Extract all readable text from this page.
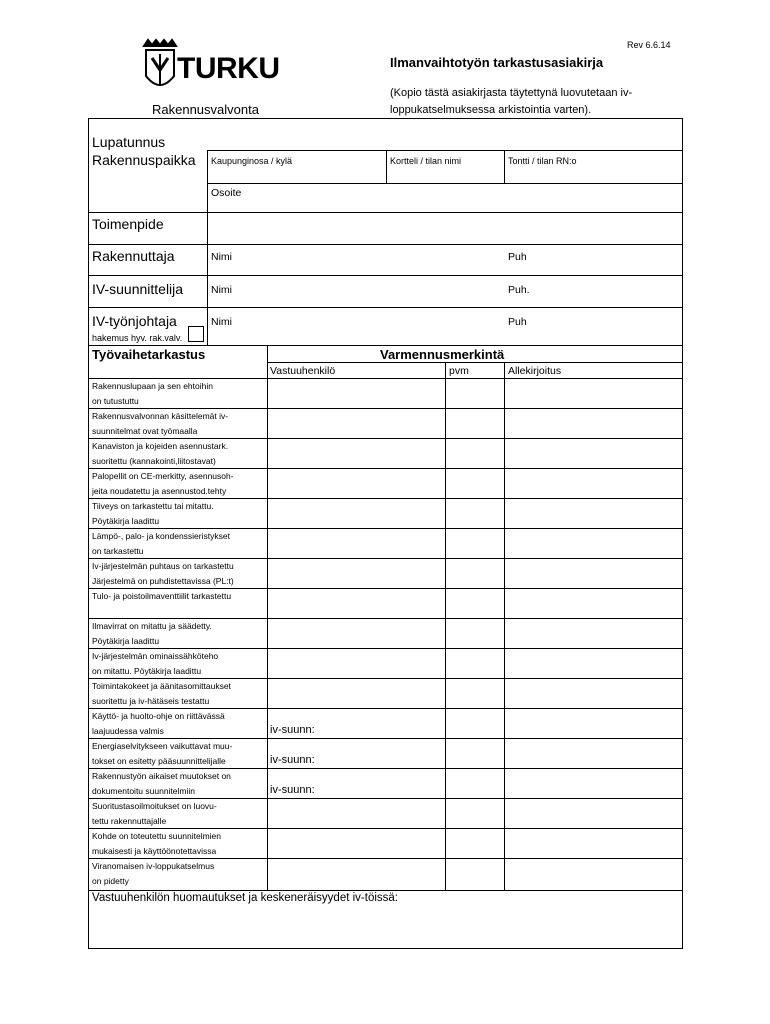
Rev 6.6.14
TURKU
Rakennusvalvonta
Ilmanvaihtotyön tarkastusasiakirja
(Kopio tästä asiakirjasta täytettynä luovutetaan iv-
loppukatselmuksessa arkistointia varten).
Lupatunnus
Rakennuspaikka Kaupunginosa / kylä	Kortteli / tilan nimi	Tontti / tilan RN:o
Osoite
Toimenpide
Rakennuttaja	Nimi	Puh
IV-suunnittelija	Nimi	Puh.
IV-työnjohtaja
hakemus hyv. rak.valv.
Nimi	Puh
Työvaihetarkastus	Varmennusmerkintä
Vastuuhenkilö	pvm	Allekirjoitus
Rakennuslupaan ja sen ehtoihin
on tutustuttu
Rakennusvalvonnan käsittelemät iv-
suunnitelmat ovat työmaalla
Kanaviston ja kojeiden asennustark.
suoritettu (kannakointi,liitostavat)
Palopellit on CE-merkitty, asennusoh-
jeita noudatettu ja asennustod.tehty
Tiiveys on tarkastettu tai mitattu.
Pöytäkirja laadittu
Lämpö-, palo- ja kondenssieristykset
on tarkastettu
Iv-järjestelmän puhtaus on tarkastettu
Järjestelmä on puhdistettavissa (PL:t)
Tulo- ja poistoilmaventtiilit tarkastettu
Ilmavirrat on mitattu ja säädetty.
Pöytäkirja laadittu
Iv-järjestelmän ominaissähköteho
on mitattu. Pöytäkirja laadittu
Toimintakokeet ja äänitasomittaukset
suoritettu ja iv-hätäseis testattu
Käyttö- ja huolto-ohje on riittävässä
laajuudessa valmis	iv-suunn:
Energiaselvitykseen vaikuttavat muu-
tokset on esitetty pääsuunnittelijalle	iv-suunn:
Rakennustyön aikaiset muutokset on
dokumentoitu suunnitelmiin	iv-suunn:
Suoritustasoilmoitukset on luovu-
tettu rakennuttajalle
Kohde on toteutettu suunnitelmien
mukaisesti ja käyttöönotettavissa
Viranomaisen iv-loppukatselmus
on pidetty
Vastuuhenkilön huomautukset ja keskeneräisyydet iv-töissä:
